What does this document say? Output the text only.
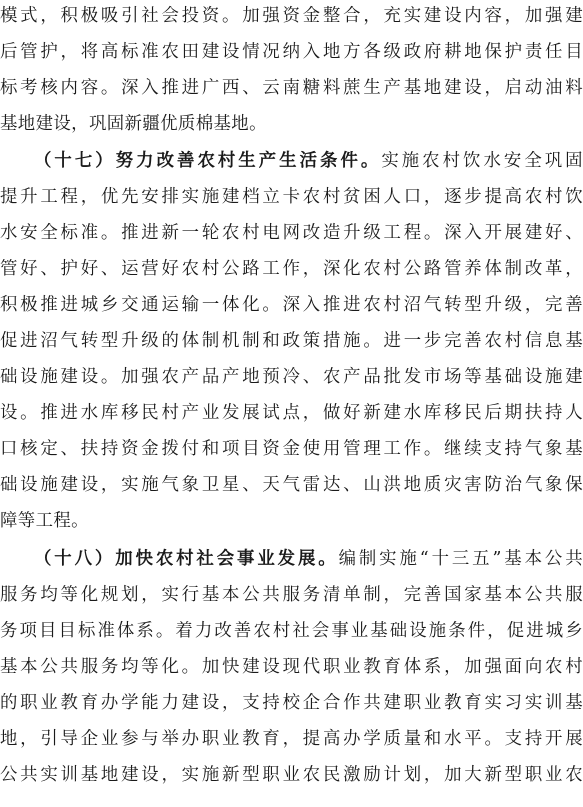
模式，积极吸引社会投资。加强资金整合，充实建设内容，加强建
后管护，将高标准农田建设情况纳入地方各级政府耕地保护责任目
标考核内容。深入推进广西、云南糖料蔗生产基地建设，启动油料
基地建设，巩固新疆优质棉基地。
（十七）努力改善农村生产生活条件。实施农村饮水安全巩固
提升工程，优先安排实施建档立卡农村贫困人口，逐步提高农村饮
水安全标准。推进新一轮农村电网改造升级工程。深入开展建好、
管好、护好、运营好农村公路工作，深化农村公路管养体制改革，
积极推进城乡交通运输一体化。深入推进农村沼气转型升级，完善
促进沼气转型升级的体制机制和政策措施。进一步完善农村信息基
础设施建设。加强农产品产地预冷、农产品批发市场等基础设施建
设。推进水库移民村产业发展试点，做好新建水库移民后期扶持人
口核定、扶持资金拨付和项目资金使用管理工作。继续支持气象基
础设施建设，实施气象卫星、天气雷达、山洪地质灾害防治气象保
障等工程。
（十八）加快农村社会事业发展。编制实施“十三五”基本公共
服务均等化规划，实行基本公共服务清单制，完善国家基本公共服
务项目目标准体系。着力改善农村社会事业基础设施条件，促进城乡
基本公共服务均等化。加快建设现代职业教育体系，加强面向农村
的职业教育办学能力建设，支持校企合作共建职业教育实习实训基
地，引导企业参与举办职业教育，提高办学质量和水平。支持开展
公共实训基地建设，实施新型职业农民激励计划，加大新型职业农
